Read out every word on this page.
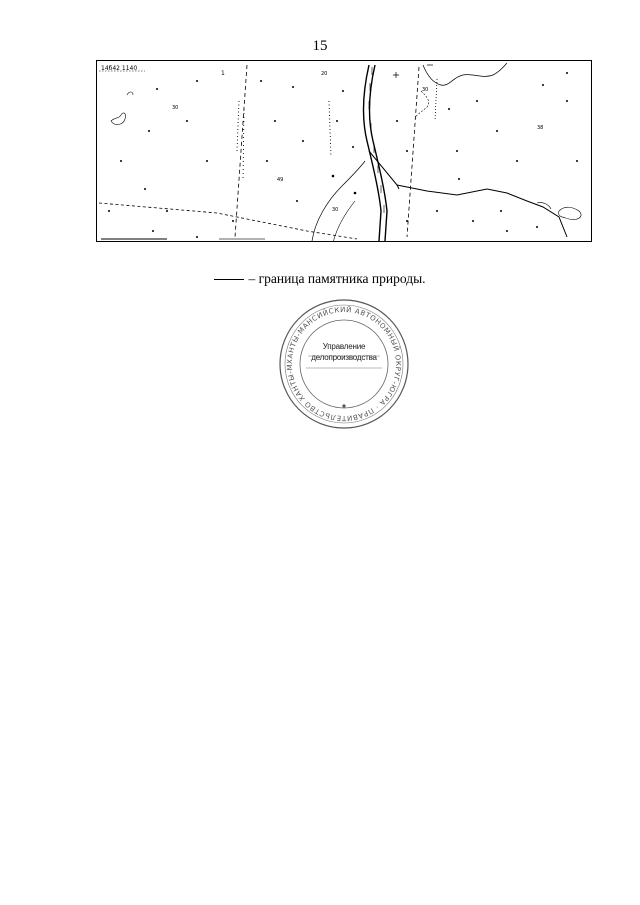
15
14б42 1140
1
30
20
30
38
49
30
– граница памятника природы.
ХАНТЫ-МАНСИЙСКИЙ АВТОНОМНЫЙ ОКРУГ-ЮГРА · ПРАВИТЕЛЬСТВО ХАНТЫ-М
Управление
делопроизводства
